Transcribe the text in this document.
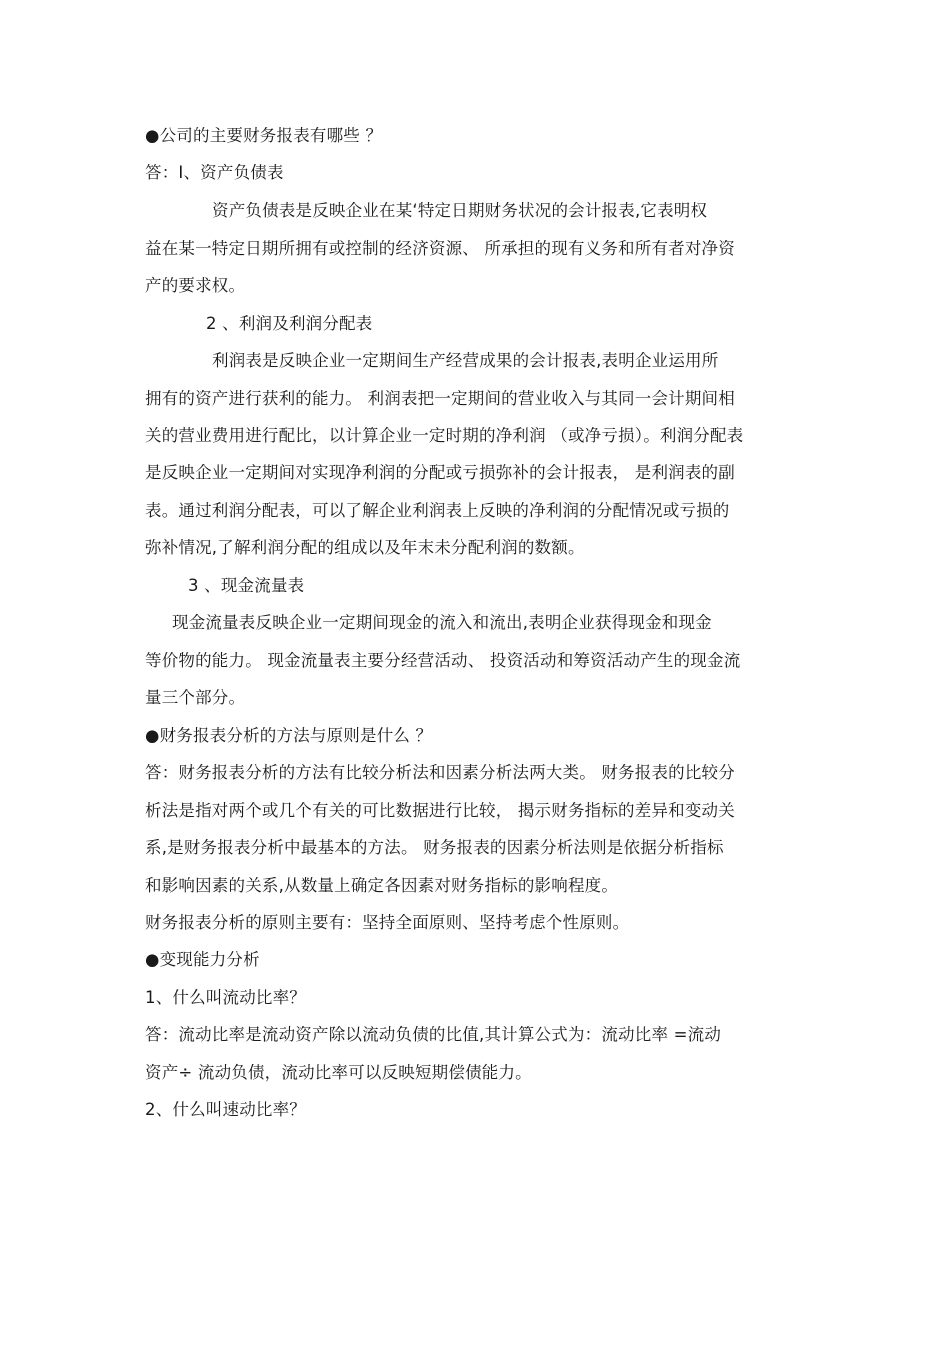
●公司的主要财务报表有哪些 ？
答：Ⅰ、资产负债表
资产负债表是反映企业在某‘特定日期财务状况的会计报表,它表明权
益在某一特定日期所拥有或控制的经济资源、 所承担的现有义务和所有者对净资
产的要求权。
2 、利润及利润分配表
利润表是反映企业一定期间生产经营成果的会计报表,表明企业运用所
拥有的资产进行获利的能力。 利润表把一定期间的营业收入与其同一会计期间相
关的营业费用进行配比，以计算企业一定时期的净利润 （或净亏损）。利润分配表
是反映企业一定期间对实现净利润的分配或亏损弥补的会计报表， 是利润表的副
表。通过利润分配表，可以了解企业利润表上反映的净利润的分配情况或亏损的
弥补情况,了解利润分配的组成以及年末未分配利润的数额。
3 、现金流量表
现金流量表反映企业一定期间现金的流入和流出,表明企业获得现金和现金
等价物的能力。 现金流量表主要分经营活动、 投资活动和筹资活动产生的现金流
量三个部分。
●财务报表分析的方法与原则是什么 ？
答：财务报表分析的方法有比较分析法和因素分析法两大类。 财务报表的比较分
析法是指对两个或几个有关的可比数据进行比较， 揭示财务指标的差异和变动关
系,是财务报表分析中最基本的方法。 财务报表的因素分析法则是依据分析指标
和影响因素的关系,从数量上确定各因素对财务指标的影响程度。
财务报表分析的原则主要有：坚持全面原则、坚持考虑个性原则。
●变现能力分析
1、什么叫流动比率？
答：流动比率是流动资产除以流动负债的比值,其计算公式为：流动比率 =流动
资产÷ 流动负债，流动比率可以反映短期偿债能力。
2、什么叫速动比率？
